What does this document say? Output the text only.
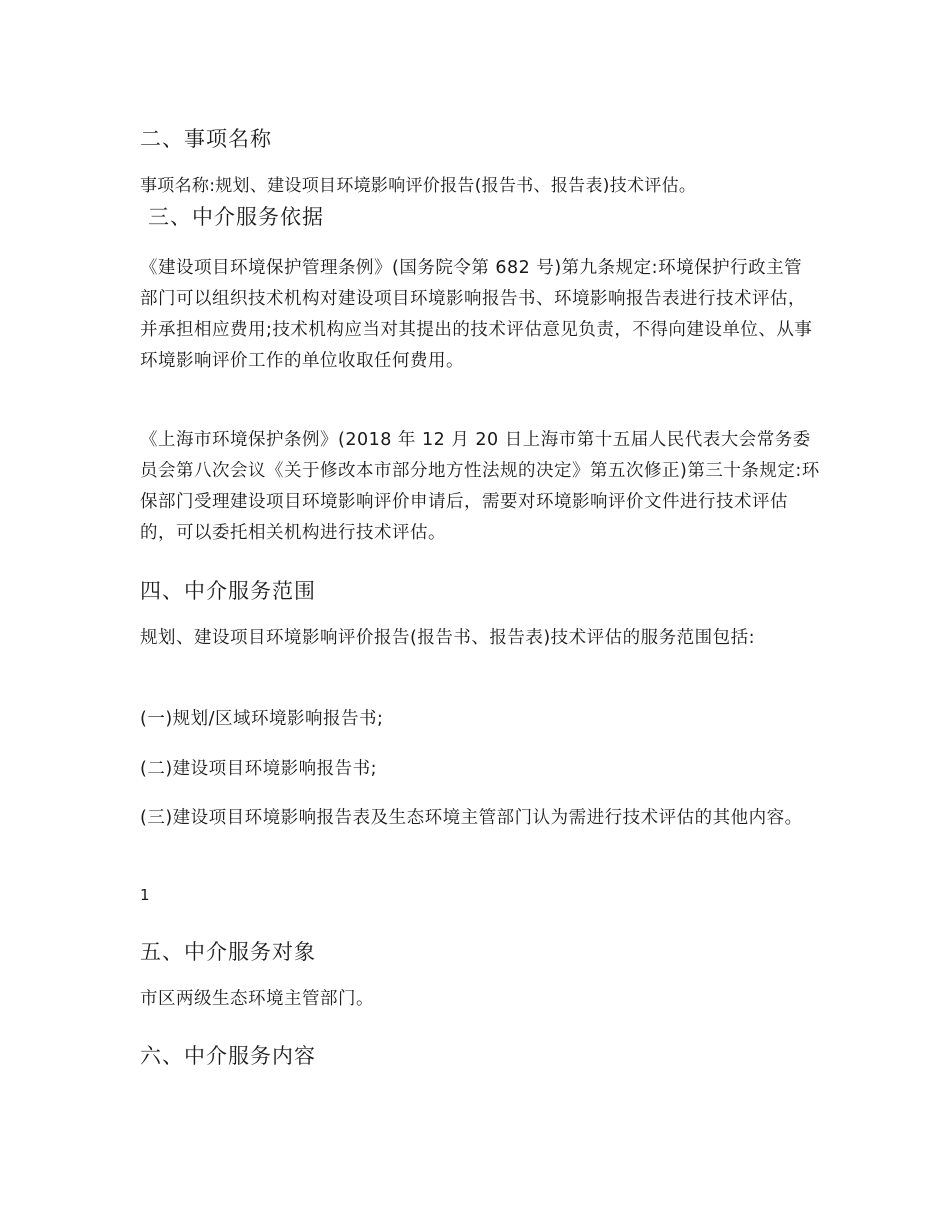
二、事项名称

事项名称:规划、建设项目环境影响评价报告(报告书、报告表)技术评估。

三、中介服务依据

《建设项目环境保护管理条例》(国务院令第 682 号)第九条规定:环境保护行政主管部门可以组织技术机构对建设项目环境影响报告书、环境影响报告表进行技术评估，并承担相应费用;技术机构应当对其提出的技术评估意见负责，不得向建设单位、从事环境影响评价工作的单位收取任何费用。

《上海市环境保护条例》(2018 年 12 月 20 日上海市第十五届人民代表大会常务委员会第八次会议《关于修改本市部分地方性法规的决定》第五次修正)第三十条规定:环保部门受理建设项目环境影响评价申请后，需要对环境影响评价文件进行技术评估的，可以委托相关机构进行技术评估。

四、中介服务范围

规划、建设项目环境影响评价报告(报告书、报告表)技术评估的服务范围包括:

(一)规划/区域环境影响报告书;

(二)建设项目环境影响报告书;

(三)建设项目环境影响报告表及生态环境主管部门认为需进行技术评估的其他内容。

1

五、中介服务对象

市区两级生态环境主管部门。

六、中介服务内容
